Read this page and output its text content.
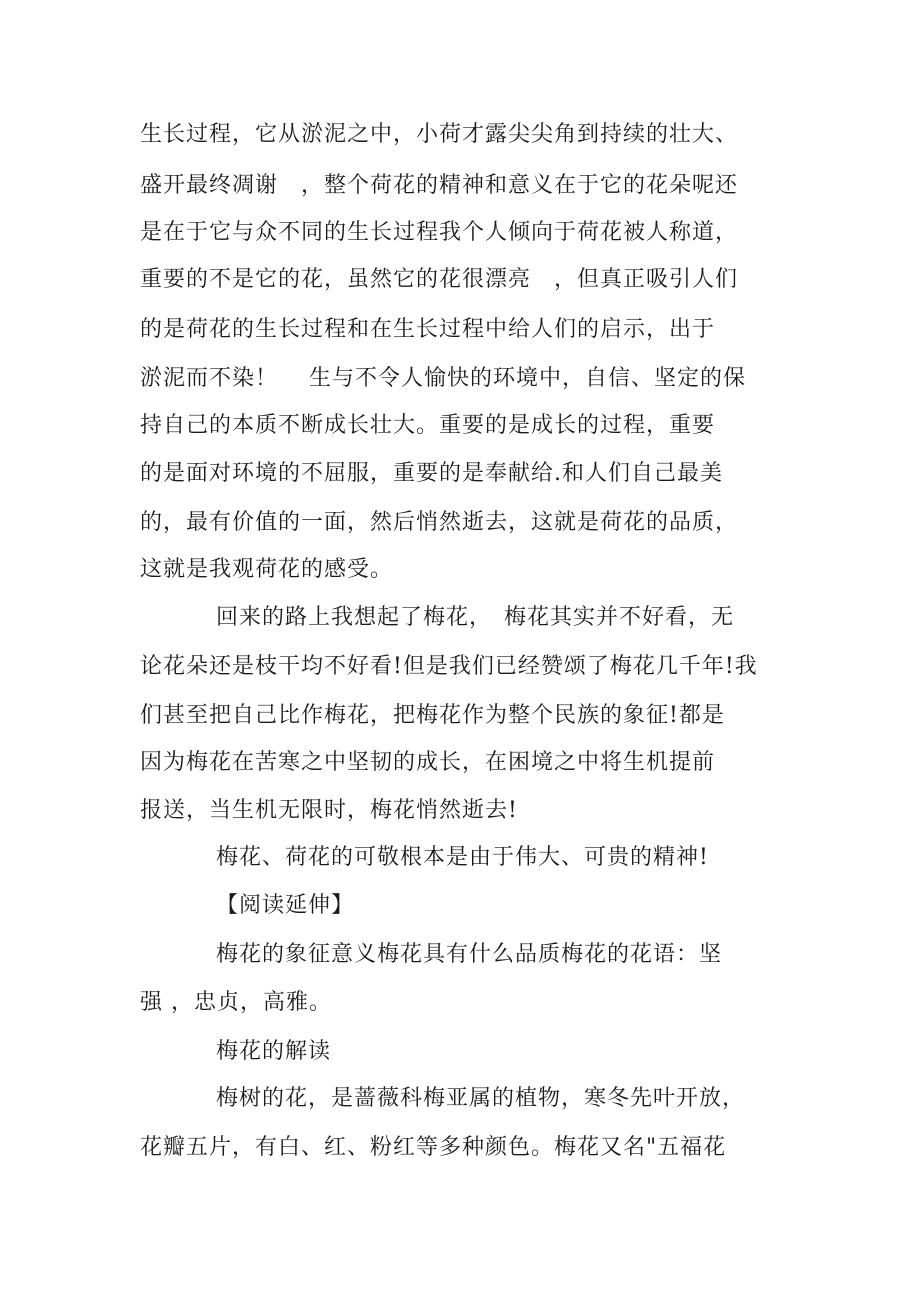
生长过程，它从淤泥之中，小荷才露尖尖角到持续的壮大、

盛开最终凋谢　，整个荷花的精神和意义在于它的花朵呢还

是在于它与众不同的生长过程我个人倾向于荷花被人称道，

重要的不是它的花，虽然它的花很漂亮　，但真正吸引人们

的是荷花的生长过程和在生长过程中给人们的启示，出于

淤泥而不染！　 生与不令人愉快的环境中，自信、坚定的保

持自己的本质不断成长壮大。重要的是成长的过程，重要

的是面对环境的不屈服，重要的是奉献给.和人们自己最美

的，最有价值的一面，然后悄然逝去，这就是荷花的品质，

这就是我观荷花的感受。

回来的路上我想起了梅花，　梅花其实并不好看，无

论花朵还是枝干均不好看!但是我们已经赞颂了梅花几千年!我

们甚至把自己比作梅花，把梅花作为整个民族的象征!都是

因为梅花在苦寒之中坚韧的成长，在困境之中将生机提前

报送，当生机无限时，梅花悄然逝去!

梅花、荷花的可敬根本是由于伟大、可贵的精神!

【阅读延伸】

梅花的象征意义梅花具有什么品质梅花的花语：坚

强 ，忠贞，高雅。

梅花的解读

梅树的花，是蔷薇科梅亚属的植物，寒冬先叶开放，

花瓣五片，有白、红、粉红等多种颜色。梅花又名"五福花
